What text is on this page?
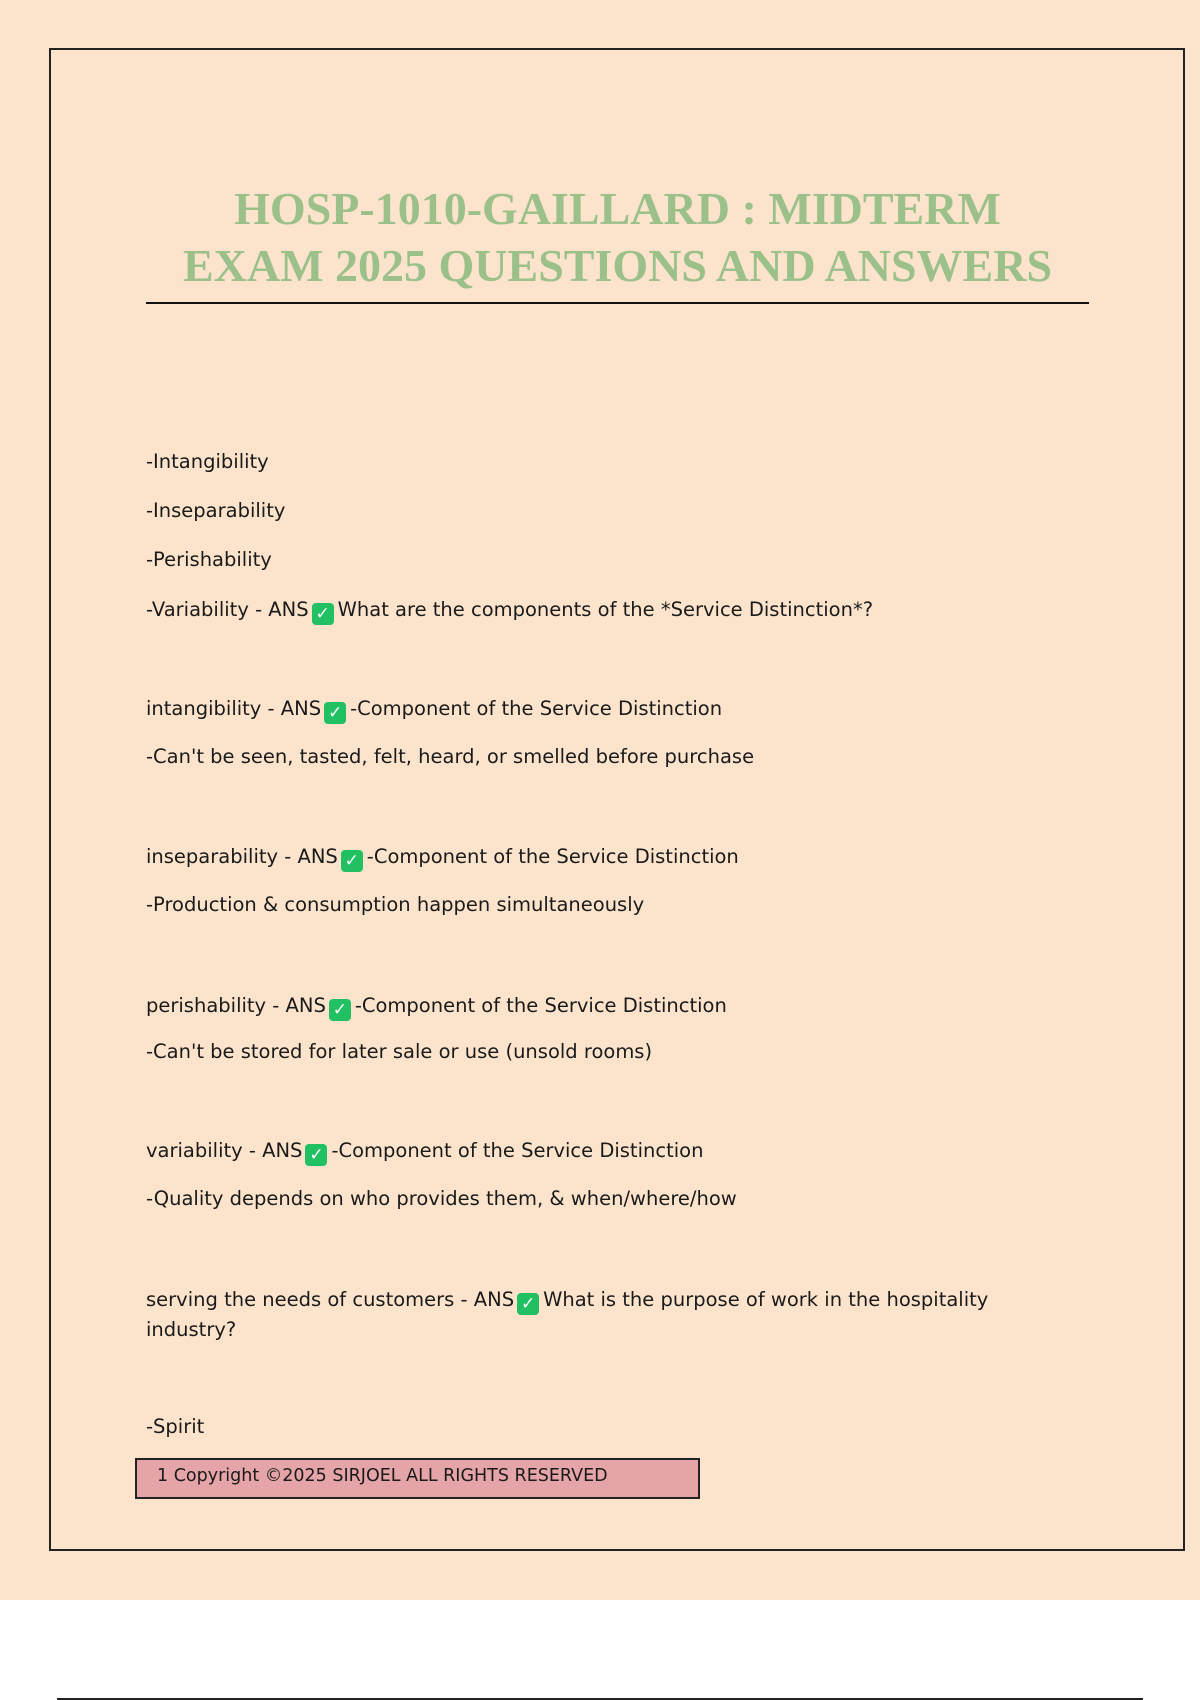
HOSP-1010-GAILLARD : MIDTERM
EXAM 2025 QUESTIONS AND ANSWERS

-Intangibility

-Inseparability

-Perishability

-Variability - ANS ✓ What are the components of the *Service Distinction*?

intangibility - ANS ✓ -Component of the Service Distinction

-Can't be seen, tasted, felt, heard, or smelled before purchase

inseparability - ANS ✓ -Component of the Service Distinction

-Production & consumption happen simultaneously

perishability - ANS ✓ -Component of the Service Distinction

-Can't be stored for later sale or use (unsold rooms)

variability - ANS ✓ -Component of the Service Distinction

-Quality depends on who provides them, & when/where/how

serving the needs of customers - ANS ✓ What is the purpose of work in the hospitality industry?

-Spirit

1 Copyright ©2025 SIRJOEL ALL RIGHTS RESERVED
